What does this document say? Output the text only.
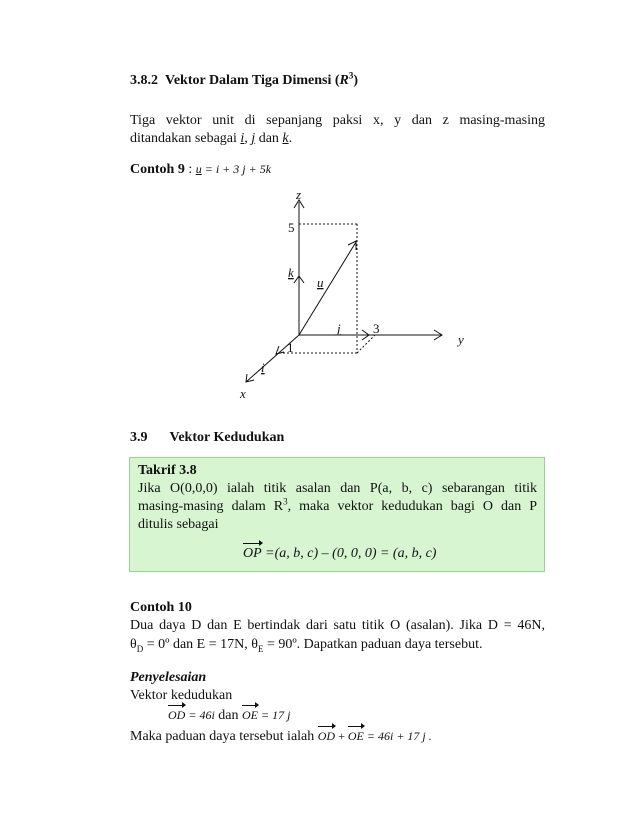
3.8.2 Vektor Dalam Tiga Dimensi $(R^3)$
Tiga vektor unit di sepanjang paksi x, y dan z masing-masing
ditandakan sebagai i, j dan k.
Contoh 9 : u = i + 3 j + 5k
z
y
x
5
3
1
k
j
i
u
3.9 Vektor Kedudukan
Takrif 3.8
Jika O(0,0,0) ialah titik asalan dan P(a, b, c) sebarangan titik
masing-masing dalam $R^3$, maka vektor kedudukan bagi O dan P
ditulis sebagai
OP =(a, b, c) – (0, 0, 0) = (a, b, c)
Contoh 10
Dua daya D dan E bertindak dari satu titik O (asalan). Jika D = 46N,
$\theta_D$ = 0º dan E = 17N, $\theta_E$ = 90º. Dapatkan paduan daya tersebut.
Penyelesaian
Vektor kedudukan
OD = 46i dan OE = 17 j
Maka paduan daya tersebut ialah OD + OE = 46i + 17 j .
